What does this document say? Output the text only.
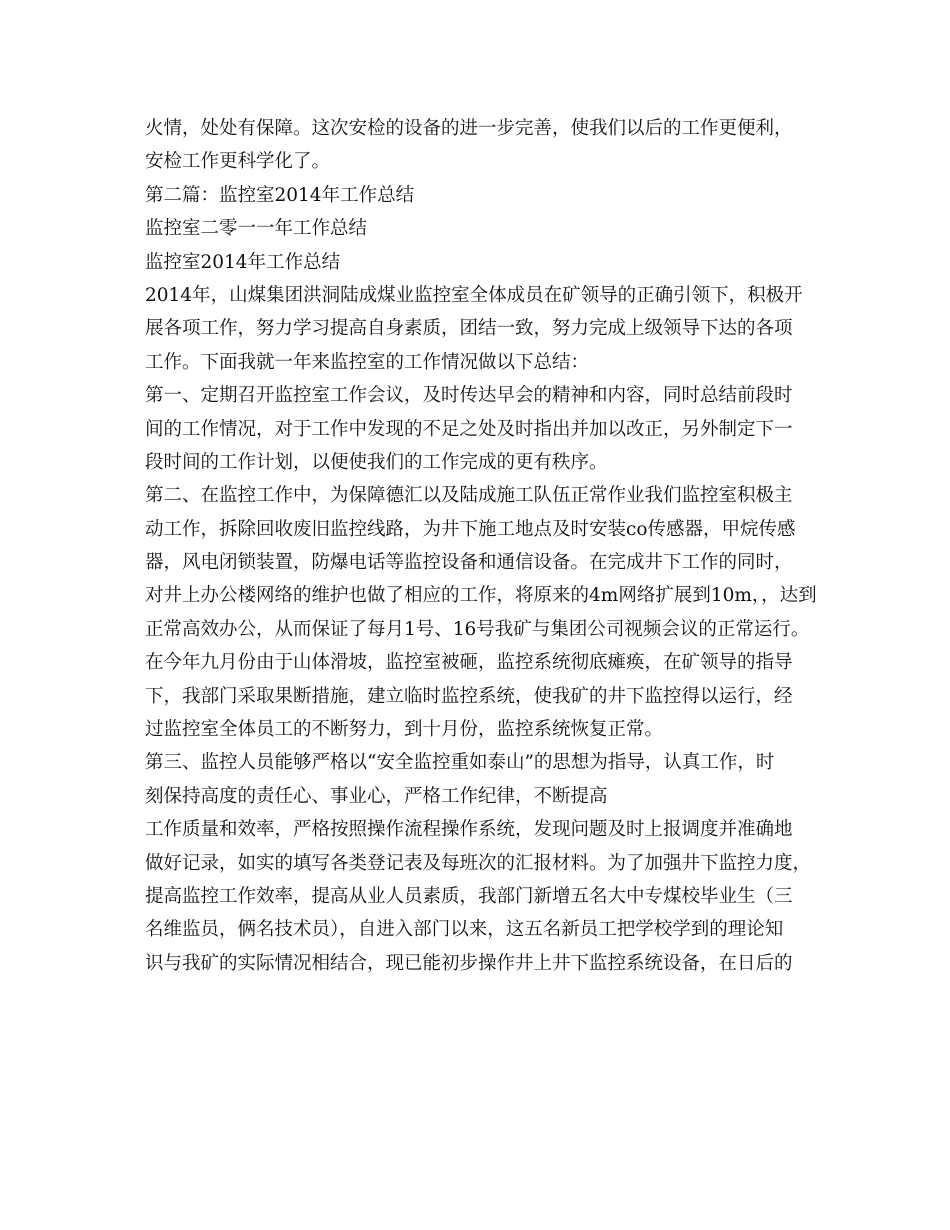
火情，处处有保障。这次安检的设备的进一步完善，使我们以后的工作更便利，
安检工作更科学化了。
第二篇：监控室2014年工作总结
监控室二零一一年工作总结
监控室2014年工作总结
2014年，山煤集团洪洞陆成煤业监控室全体成员在矿领导的正确引领下，积极开
展各项工作，努力学习提高自身素质，团结一致，努力完成上级领导下达的各项
工作。下面我就一年来监控室的工作情况做以下总结：
第一、定期召开监控室工作会议，及时传达早会的精神和内容，同时总结前段时
间的工作情况，对于工作中发现的不足之处及时指出并加以改正，另外制定下一
段时间的工作计划，以便使我们的工作完成的更有秩序。
第二、在监控工作中，为保障德汇以及陆成施工队伍正常作业我们监控室积极主
动工作，拆除回收废旧监控线路，为井下施工地点及时安装co传感器，甲烷传感
器，风电闭锁装置，防爆电话等监控设备和通信设备。在完成井下工作的同时，
对井上办公楼网络的维护也做了相应的工作，将原来的4m网络扩展到10m，，达到
正常高效办公，从而保证了每月1号、16号我矿与集团公司视频会议的正常运行。
在今年九月份由于山体滑坡，监控室被砸，监控系统彻底瘫痪，在矿领导的指导
下，我部门采取果断措施，建立临时监控系统，使我矿的井下监控得以运行，经
过监控室全体员工的不断努力，到十月份，监控系统恢复正常。
第三、监控人员能够严格以“安全监控重如泰山”的思想为指导，认真工作，时
刻保持高度的责任心、事业心，严格工作纪律，不断提高
工作质量和效率，严格按照操作流程操作系统，发现问题及时上报调度并准确地
做好记录，如实的填写各类登记表及每班次的汇报材料。为了加强井下监控力度，
提高监控工作效率，提高从业人员素质，我部门新增五名大中专煤校毕业生（三
名维监员，俩名技术员），自进入部门以来，这五名新员工把学校学到的理论知
识与我矿的实际情况相结合，现已能初步操作井上井下监控系统设备，在日后的
